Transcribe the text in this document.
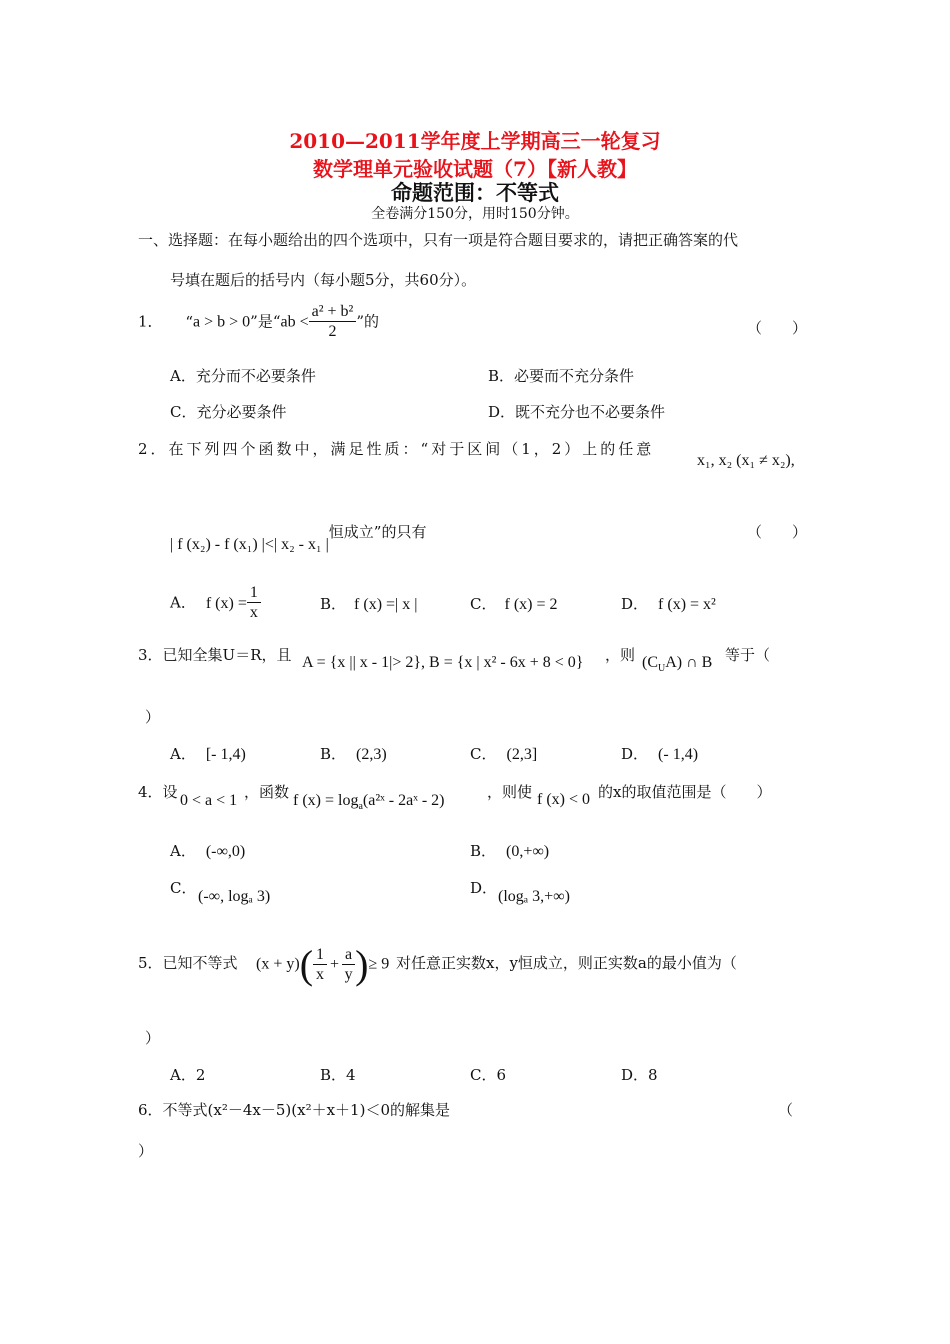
2010—2011学年度上学期高三一轮复习
数学理单元验收试题（7）【新人教】
命题范围：不等式
全卷满分150分，用时150分钟。
一、选择题：在每小题给出的四个选项中，只有一项是符合题目要求的，请把正确答案的代
号填在题后的括号内（每小题5分，共60分）。
1． “a > b > 0”是“ab < $\frac{\text{a² + b²}}{2}$ ”的	（　　）
A．充分而不必要条件	B．必要而不充分条件
C．充分必要条件	D．既不充分也不必要条件
2．在下列四个函数中，满足性质：“对于区间（1，2）上的任意
x₁, x₂ (x₁ ≠ x₂),
| f (x₂) - f (x₁) |<| x₂ - x₁ |恒成立”的只有	（　　）
A． f $(x) = \frac{1}{x}$	B． f (x) =| x |	C． f (x) = 2	D． f (x) = x²
3．已知全集U＝R，且 A = {x || x - 1|> 2}, B = {x | x² - 6x + 8 < 0} ，则 $(C_UA)$ ∩ B 等于（
）
A． [- 1,4)	B． (2,3)	C． (2,3]	D． (- 1,4)
4．设 0 < a < 1 ，函数 f $(x) = \log_a(a^2ˣ$ - 2aˣ - 2)	，则使 f (x) < 0 的x的取值范围是（　　）
A． (-∞,0)	B． (0,+∞)
C． (-∞, logₐ 3)	D． (logₐ 3,+∞)
5．已知不等式 $(x + y)( \frac{1}{x} + \frac{a}{y}$ )≥ 9 对任意正实数x，y恒成立，则正实数a的最小值为（
）
A．2	B．4	C．6	D．8
6．不等式(x²－4x－5)(x²＋x＋1)＜0的解集是	（
）
